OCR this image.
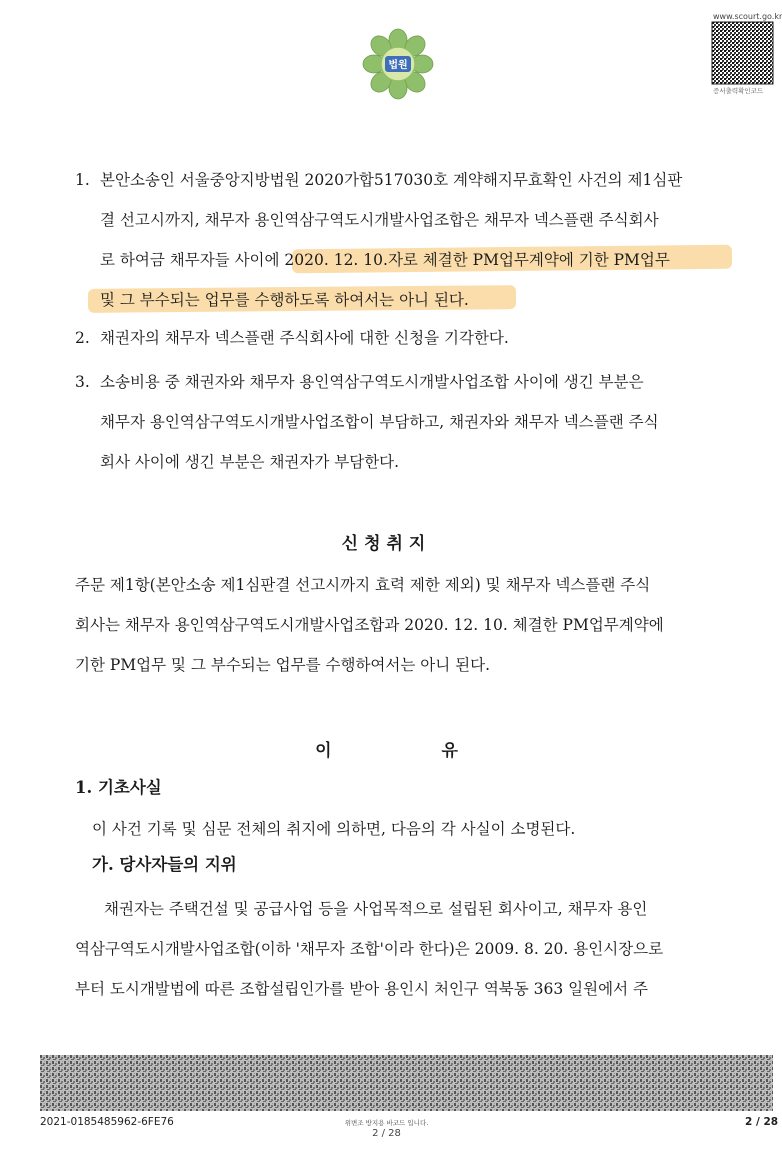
www.scourt.go.kr
증서출력확인코드
법원
1. 본안소송인 서울중앙지방법원 2020가합517030호 계약해지무효확인 사건의 제1심판
결 선고시까지, 채무자 용인역삼구역도시개발사업조합은 채무자 넥스플랜 주식회사
로 하여금 채무자들 사이에 2020. 12. 10.자로 체결한 PM업무계약에 기한 PM업무
및 그 부수되는 업무를 수행하도록 하여서는 아니 된다.
2. 채권자의 채무자 넥스플랜 주식회사에 대한 신청을 기각한다.
3. 소송비용 중 채권자와 채무자 용인역삼구역도시개발사업조합 사이에 생긴 부분은
채무자 용인역삼구역도시개발사업조합이 부담하고, 채권자와 채무자 넥스플랜 주식
회사 사이에 생긴 부분은 채권자가 부담한다.
신청취지
주문 제1항(본안소송 제1심판결 선고시까지 효력 제한 제외) 및 채무자 넥스플랜 주식
회사는 채무자 용인역삼구역도시개발사업조합과 2020. 12. 10. 체결한 PM업무계약에
기한 PM업무 및 그 부수되는 업무를 수행하여서는 아니 된다.
이 유
1. 기초사실
이 사건 기록 및 심문 전체의 취지에 의하면, 다음의 각 사실이 소명된다.
가. 당사자들의 지위
채권자는 주택건설 및 공급사업 등을 사업목적으로 설립된 회사이고, 채무자 용인
역삼구역도시개발사업조합(이하 '채무자 조합'이라 한다)은 2009. 8. 20. 용인시장으로
부터 도시개발법에 따른 조합설립인가를 받아 용인시 처인구 역북동 363 일원에서 주
2021-0185485962-6FE76	위변조 방지용 바코드 입니다.
2 / 28
2 / 28
